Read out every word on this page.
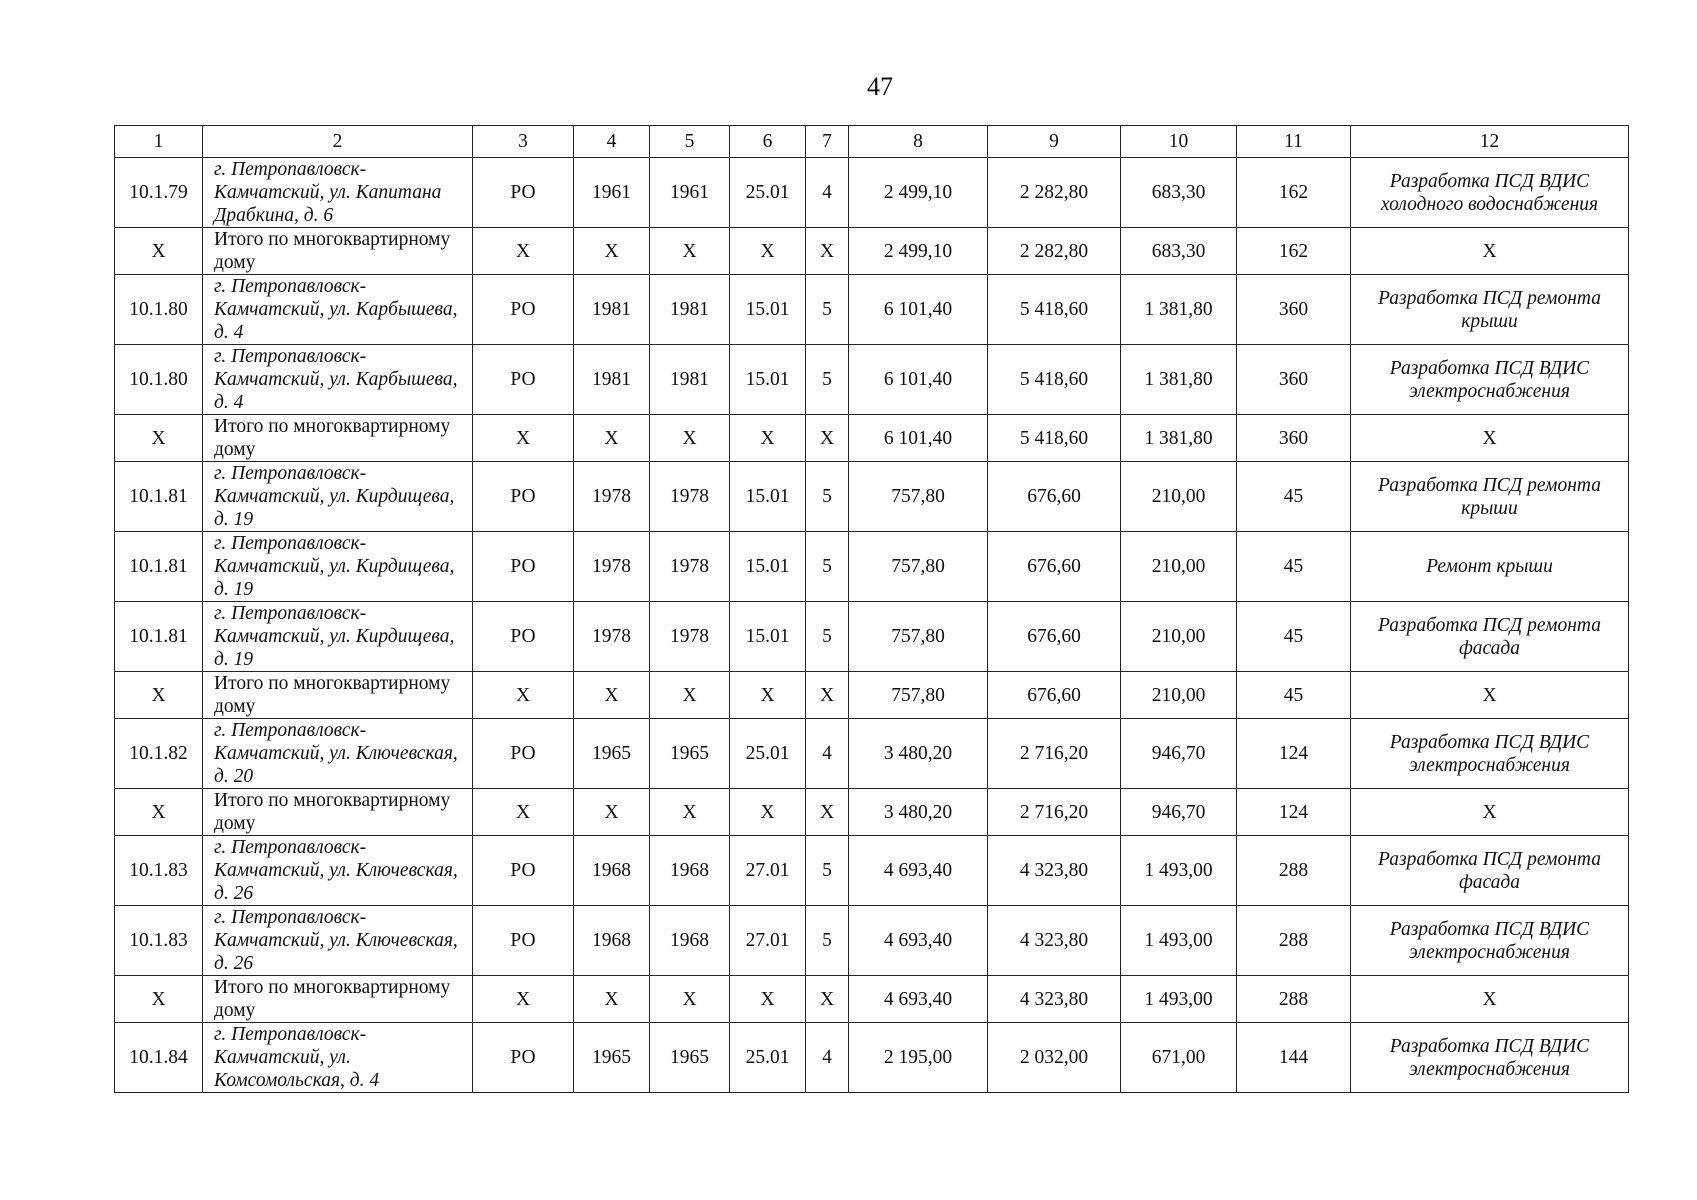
47
1	2	3	4	5	6	7	8	9	10	11	12
10.1.79	г. Петропавловск-Камчатский, ул. Капитана Драбкина, д. 6	РО	1961	1961	25.01	4	2 499,10	2 282,80	683,30	162	Разработка ПСД ВДИС холодного водоснабжения
Х	Итого по многоквартирному дому	Х	Х	Х	Х	Х	2 499,10	2 282,80	683,30	162	Х
10.1.80	г. Петропавловск-Камчатский, ул. Карбышева, д. 4	РО	1981	1981	15.01	5	6 101,40	5 418,60	1 381,80	360	Разработка ПСД ремонта крыши
10.1.80	г. Петропавловск-Камчатский, ул. Карбышева, д. 4	РО	1981	1981	15.01	5	6 101,40	5 418,60	1 381,80	360	Разработка ПСД ВДИС электроснабжения
Х	Итого по многоквартирному дому	Х	Х	Х	Х	Х	6 101,40	5 418,60	1 381,80	360	Х
10.1.81	г. Петропавловск-Камчатский, ул. Кирдищева, д. 19	РО	1978	1978	15.01	5	757,80	676,60	210,00	45	Разработка ПСД ремонта крыши
10.1.81	г. Петропавловск-Камчатский, ул. Кирдищева, д. 19	РО	1978	1978	15.01	5	757,80	676,60	210,00	45	Ремонт крыши
10.1.81	г. Петропавловск-Камчатский, ул. Кирдищева, д. 19	РО	1978	1978	15.01	5	757,80	676,60	210,00	45	Разработка ПСД ремонта фасада
Х	Итого по многоквартирному дому	Х	Х	Х	Х	Х	757,80	676,60	210,00	45	Х
10.1.82	г. Петропавловск-Камчатский, ул. Ключевская, д. 20	РО	1965	1965	25.01	4	3 480,20	2 716,20	946,70	124	Разработка ПСД ВДИС электроснабжения
Х	Итого по многоквартирному дому	Х	Х	Х	Х	Х	3 480,20	2 716,20	946,70	124	Х
10.1.83	г. Петропавловск-Камчатский, ул. Ключевская, д. 26	РО	1968	1968	27.01	5	4 693,40	4 323,80	1 493,00	288	Разработка ПСД ремонта фасада
10.1.83	г. Петропавловск-Камчатский, ул. Ключевская, д. 26	РО	1968	1968	27.01	5	4 693,40	4 323,80	1 493,00	288	Разработка ПСД ВДИС электроснабжения
Х	Итого по многоквартирному дому	Х	Х	Х	Х	Х	4 693,40	4 323,80	1 493,00	288	Х
10.1.84	г. Петропавловск-Камчатский, ул. Комсомольская, д. 4	РО	1965	1965	25.01	4	2 195,00	2 032,00	671,00	144	Разработка ПСД ВДИС электроснабжения
